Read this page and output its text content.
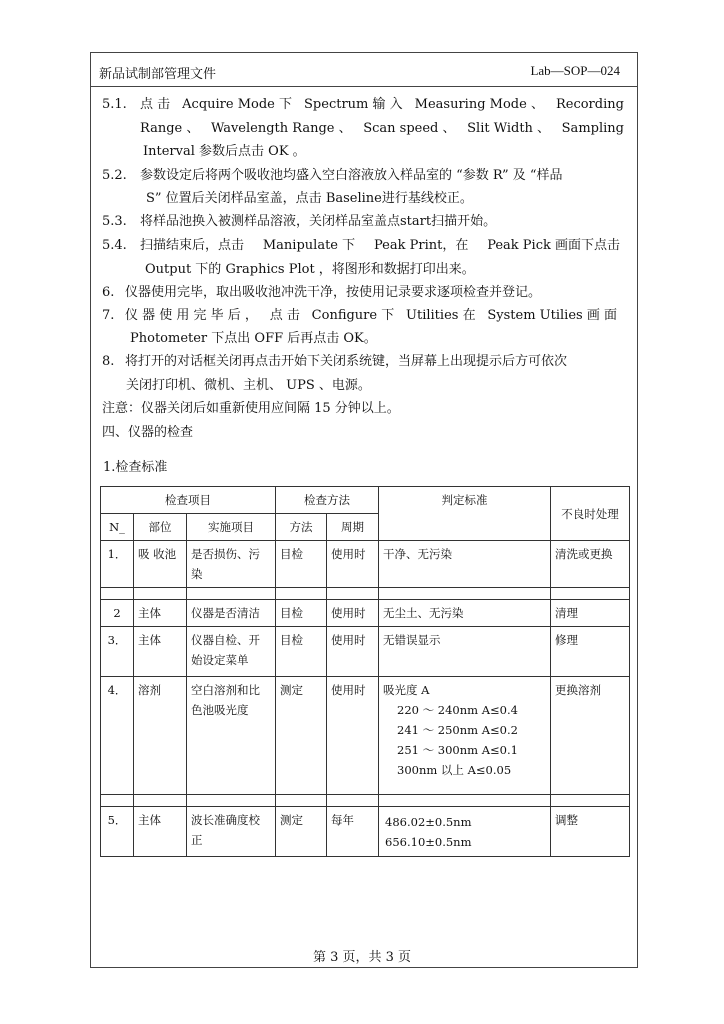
新品试制部管理文件	Lab—SOP—024
5.1. 点 击 Acquire Mode 下 Spectrum 输 入 Measuring Mode 、 Recording
Range 、 Wavelength Range 、 Scan speed 、 Slit Width 、 Sampling
Interval 参数后点击 OK 。
5.2. 参数设定后将两个吸收池均盛入空白溶液放入样品室的 “参数 R” 及 “样品
S” 位置后关闭样品室盖，点击 Baseline进行基线校正。
5.3. 将样品池换入被测样品溶液，关闭样品室盖点start扫描开始。
5.4. 扫描结束后，点击 Manipulate 下 Peak Print，在 Peak Pick 画面下点击
Output 下的 Graphics Plot ，将图形和数据打印出来。
6. 仪器使用完毕，取出吸收池冲洗干净，按使用记录要求逐项检查并登记。
7. 仪 器 使 用 完 毕 后 ， 点 击 Configure 下 Utilities 在 System Utilies 画 面
Photometer 下点出 OFF 后再点击 OK。
8. 将打开的对话框关闭再点击开始下关闭系统键，当屏幕上出现提示后方可依次
关闭打印机、微机、主机、 UPS 、电源。
注意：仪器关闭后如重新使用应间隔 15 分钟以上。
四、仪器的检查
1.检查标准
检查项目			检查方法		判定标准	不良时处理
N_	部位	实施项目	方法	周期		
1．	吸 收池	是否损伤、污染	目检	使用时	干净、无污染	清洗或更换

2	主体	仪器是否清洁	目检	使用时	无尘土、无污染	清理
3．	主体	仪器自检、开始设定菜单	目检	使用时	无错误显示	修理
4．	溶剂	空白溶剂和比色池吸光度	测定	使用时	吸光度 A
220 ～ 240nm A≤0.4
241 ～ 250nm A≤0.2
251 ～ 300nm A≤0.1
300nm 以上 A≤0.05	更换溶剂

5．	主体	波长准确度校正	测定	每年	486.02±0.5nm
656.10±0.5nm	调整
第 3 页，共 3 页
